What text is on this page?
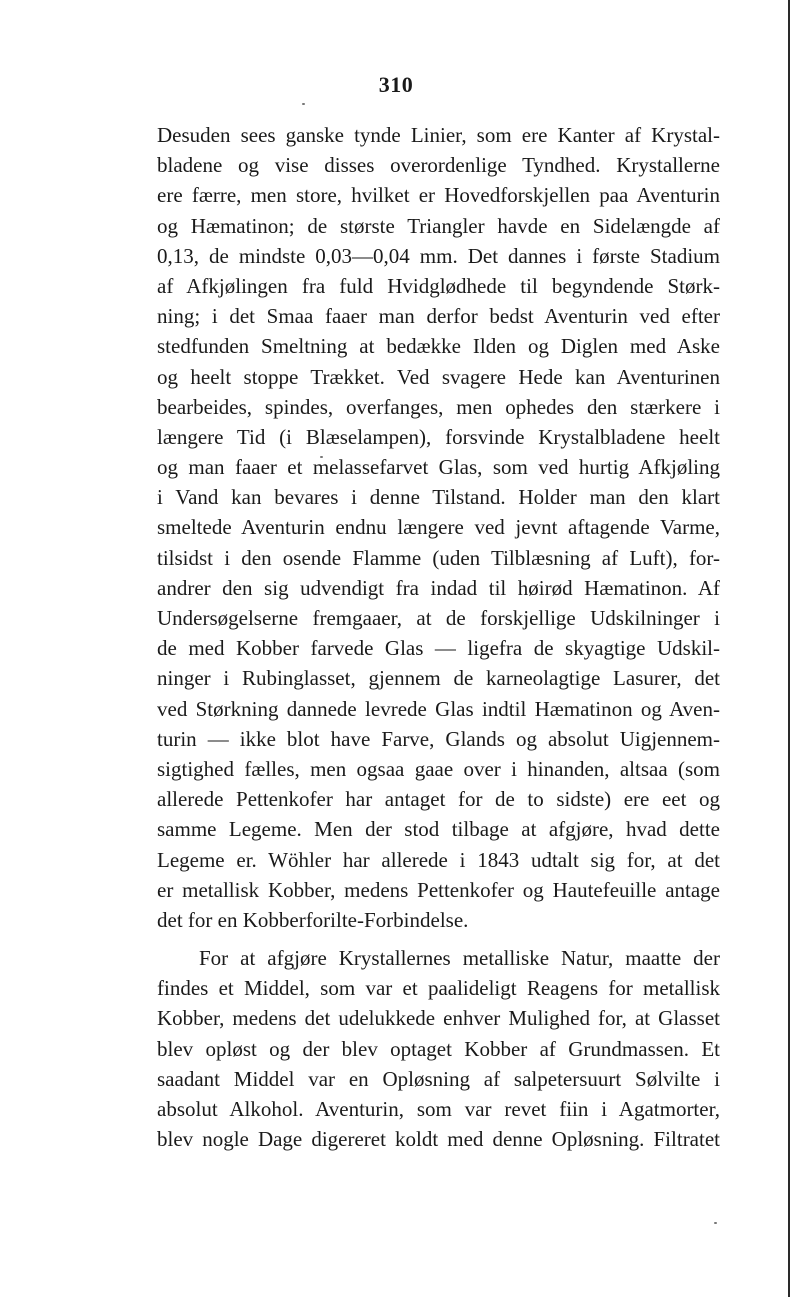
310
Desuden sees ganske tynde Linier, som ere Kanter af Krystal-
bladene og vise disses overordenlige Tyndhed. Krystallerne
ere færre, men store, hvilket er Hovedforskjellen paa Aventurin
og Hæmatinon; de største Triangler havde en Sidelængde af
0,13, de mindste 0,03—0,04 mm. Det dannes i første Stadium
af Afkjølingen fra fuld Hvidglødhede til begyndende Størk-
ning; i det Smaa faaer man derfor bedst Aventurin ved efter
stedfunden Smeltning at bedække Ilden og Diglen med Aske
og heelt stoppe Trækket. Ved svagere Hede kan Aventurinen
bearbeides, spindes, overfanges, men ophedes den stærkere i
længere Tid (i Blæselampen), forsvinde Krystalbladene heelt
og man faaer et melassefarvet Glas, som ved hurtig Afkjøling
i Vand kan bevares i denne Tilstand. Holder man den klart
smeltede Aventurin endnu længere ved jevnt aftagende Varme,
tilsidst i den osende Flamme (uden Tilblæsning af Luft), for-
andrer den sig udvendigt fra indad til høirød Hæmatinon. Af
Undersøgelserne fremgaaer, at de forskjellige Udskilninger i
de med Kobber farvede Glas — ligefra de skyagtige Udskil-
ninger i Rubinglasset, gjennem de karneolagtige Lasurer, det
ved Størkning dannede levrede Glas indtil Hæmatinon og Aven-
turin — ikke blot have Farve, Glands og absolut Uigjennem-
sigtighed fælles, men ogsaa gaae over i hinanden, altsaa (som
allerede Pettenkofer har antaget for de to sidste) ere eet og
samme Legeme. Men der stod tilbage at afgjøre, hvad dette
Legeme er. Wöhler har allerede i 1843 udtalt sig for, at det
er metallisk Kobber, medens Pettenkofer og Hautefeuille antage
det for en Kobberforilte-Forbindelse.
For at afgjøre Krystallernes metalliske Natur, maatte der
findes et Middel, som var et paalideligt Reagens for metallisk
Kobber, medens det udelukkede enhver Mulighed for, at Glasset
blev opløst og der blev optaget Kobber af Grundmassen. Et
saadant Middel var en Opløsning af salpetersuurt Sølvilte i
absolut Alkohol. Aventurin, som var revet fiin i Agatmorter,
blev nogle Dage digereret koldt med denne Opløsning. Filtratet
